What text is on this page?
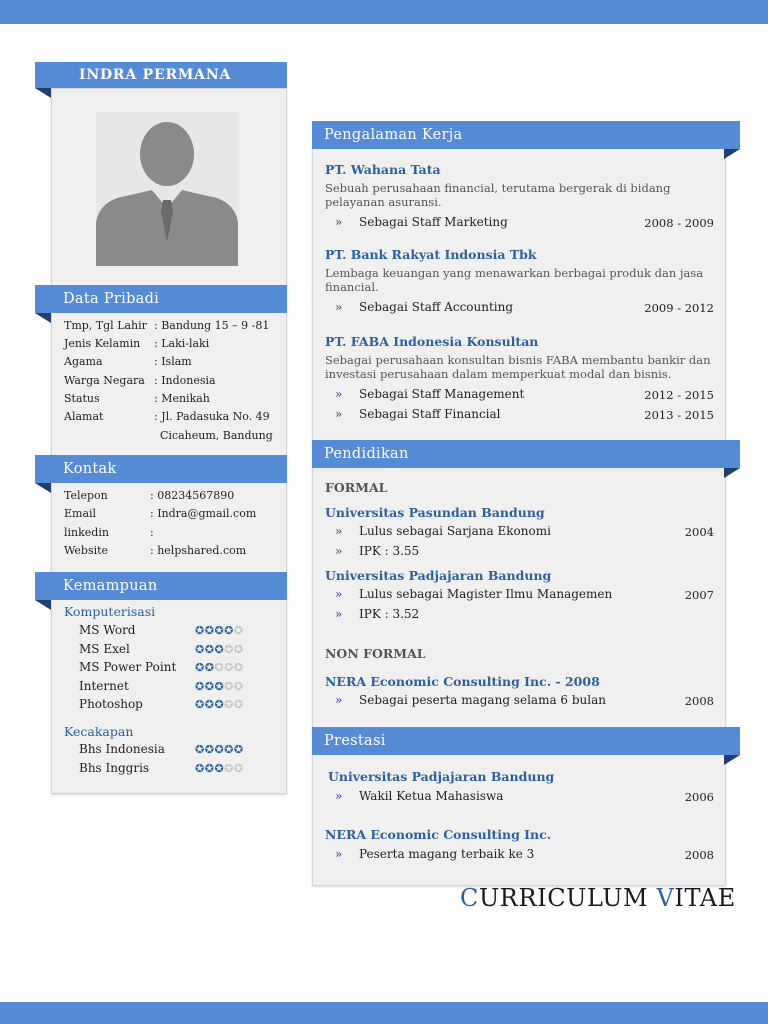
INDRA PERMANA
Data Pribadi
Tmp, Tgl Lahir : Bandung 15 – 9 -81
Jenis Kelamin : Laki-laki
Agama	: Islam
Warga Negara : Indonesia
Status	: Menikah
Alamat	: Jl. Padasuka No. 49
Cicaheum, Bandung
Kontak
Telepon	: 08234567890
Email	: Indra@gmail.com
linkedin	:
Website	: helpshared.com
Kemampuan
Komputerisasi
MS Word	✪✪✪✪✪
MS Exel	✪✪✪✪✪
MS Power Point ✪✪✪✪✪
Internet	✪✪✪✪✪
Photoshop	✪✪✪✪✪
Kecakapan
Bhs Indonesia	✪✪✪✪✪
Bhs Inggris	✪✪✪✪✪
Pengalaman Kerja
PT. Wahana Tata
Sebuah perusahaan financial, terutama bergerak di bidang pelayanan asuransi.
» Sebagai Staff Marketing	2008 - 2009
PT. Bank Rakyat Indonsia Tbk
Lembaga keuangan yang menawarkan berbagai produk dan jasa financial.
» Sebagai Staff Accounting	2009 - 2012
PT. FABA Indonesia Konsultan
Sebagai perusahaan konsultan bisnis FABA membantu bankir dan investasi perusahaan dalam memperkuat modal dan bisnis.
» Sebagai Staff Management	2012 - 2015
» Sebagai Staff Financial	2013 - 2015
Pendidikan
FORMAL
NON FORMAL
Universitas Pasundan Bandung
» Lulus sebagai Sarjana Ekonomi	2004
» IPK : 3.55
Universitas Padjajaran Bandung
» Lulus sebagai Magister Ilmu Managemen	2007
» IPK : 3.52
NERA Economic Consulting Inc. - 2008
» Sebagai peserta magang selama 6 bulan	2008
Prestasi
Universitas Padjajaran Bandung
» Wakil Ketua Mahasiswa	2006
NERA Economic Consulting Inc.
» Peserta magang terbaik ke 3	2008
CURRICULUM VITAE
